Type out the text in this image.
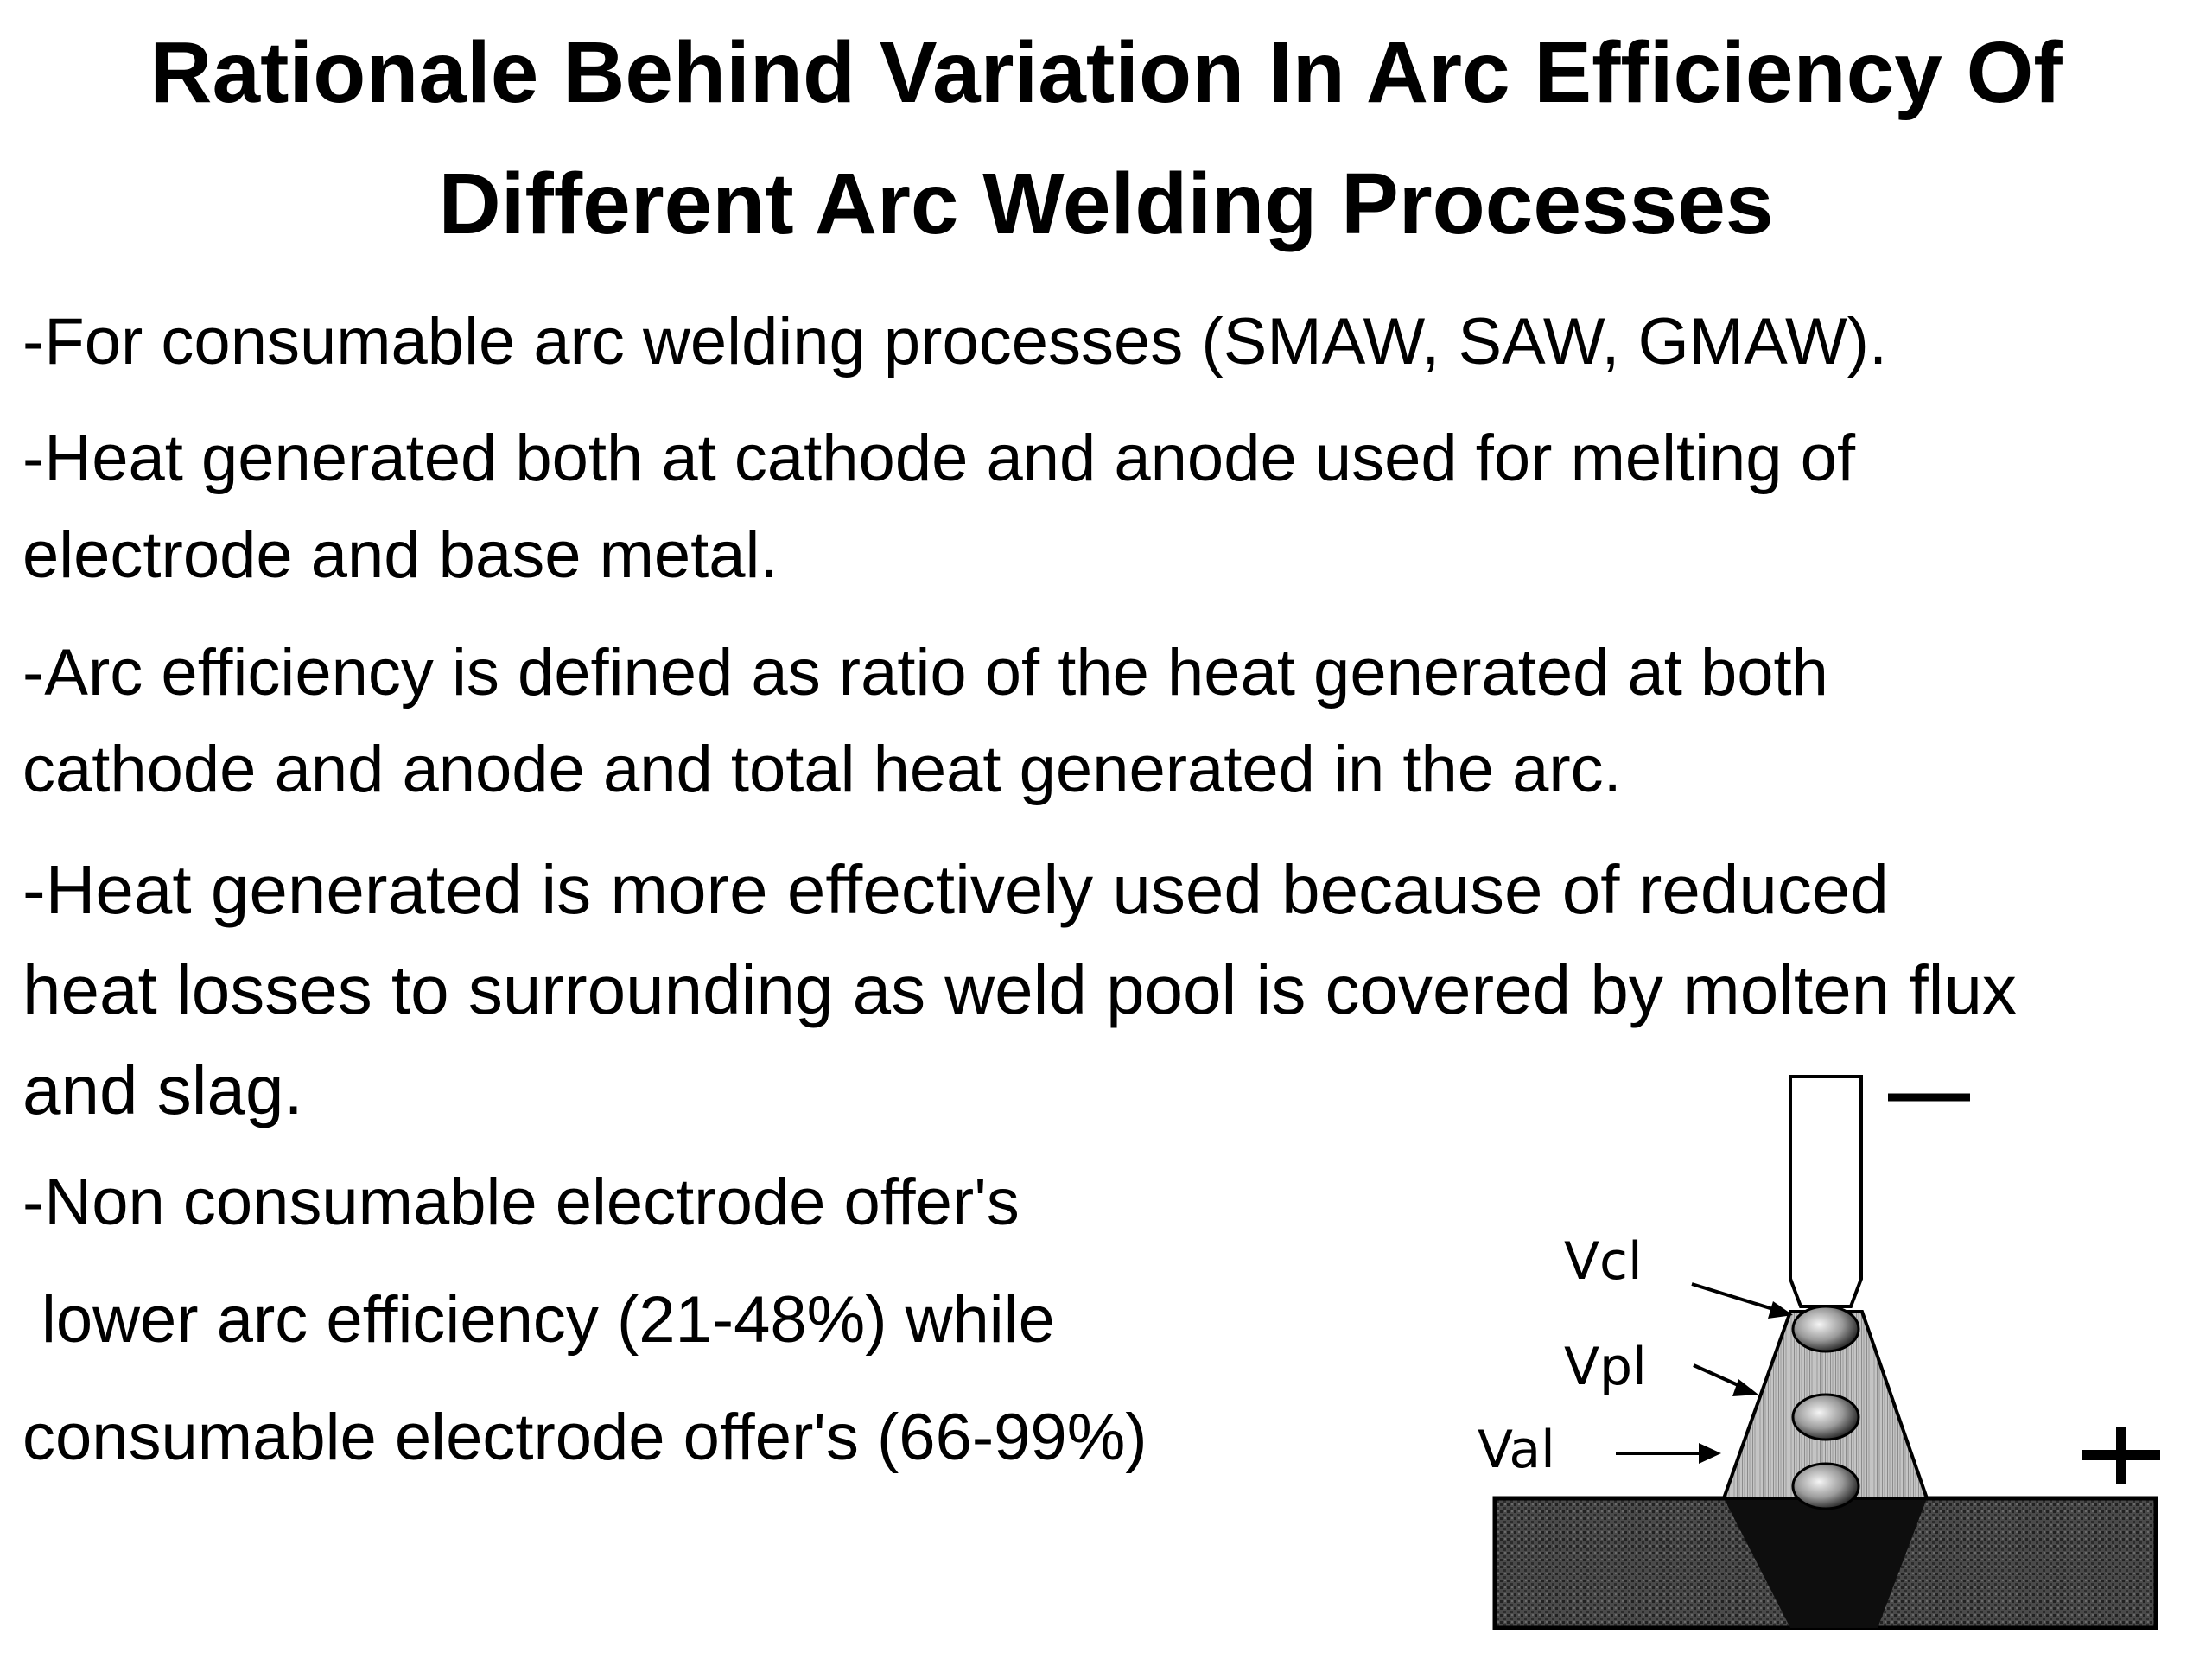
Rationale Behind Variation In Arc Efficiency Of
Different Arc Welding Processes
-For consumable arc welding processes (SMAW, SAW, GMAW).
-Heat generated both at cathode and anode used for melting of
electrode and base metal.
-Arc efficiency is defined as ratio of the heat generated at both
cathode and anode and total heat generated in the arc.
-Heat generated is more effectively used because of reduced
heat losses to surrounding as weld pool is covered by molten flux
and slag.
-Non consumable electrode offer's
lower arc efficiency (21-48%) while
consumable electrode offer's (66-99%)
Vcl
Vpl
Val
